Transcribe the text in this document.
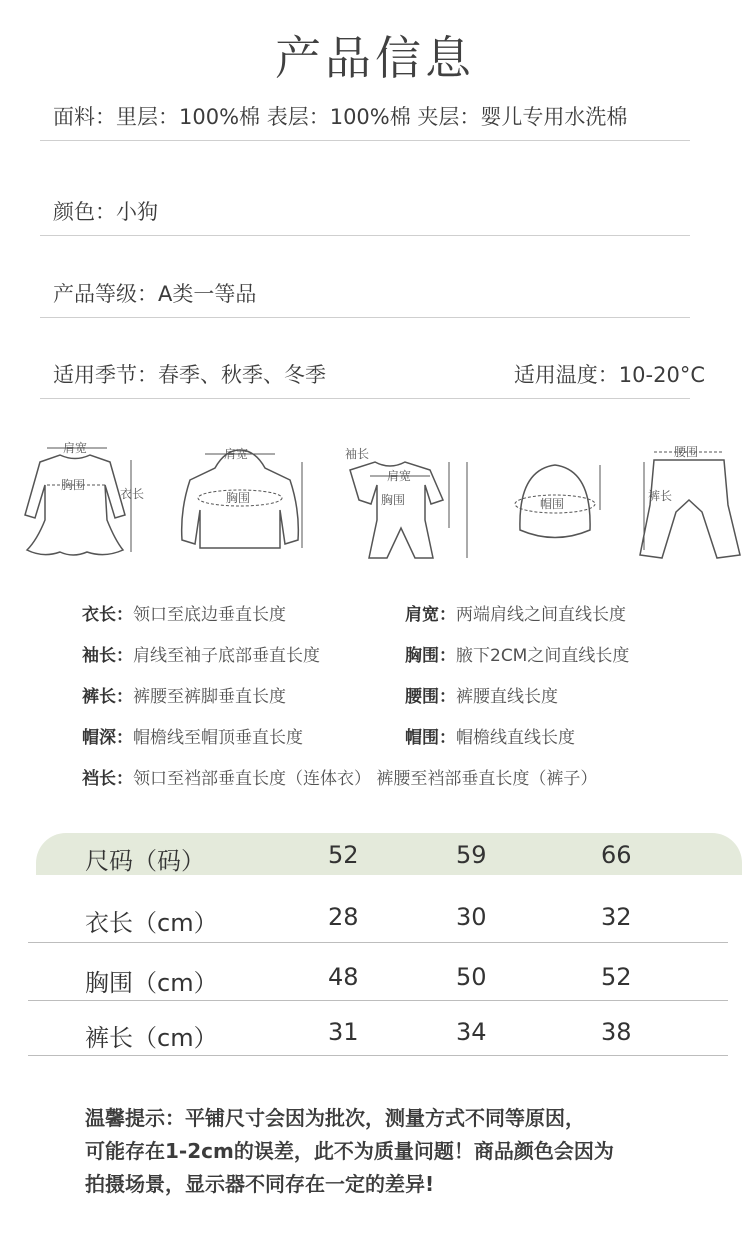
产品信息
面料：里层：100%棉 表层：100%棉 夹层：婴儿专用水洗棉
颜色：小狗
产品等级：A类一等品
适用季节：春季、秋季、冬季	适用温度：10-20°C
肩宽
胸围
衣长
肩宽
胸围
肩宽
胸围
袖长
帽围
腰围
裤长
衣长：领口至底边垂直长度	肩宽：两端肩线之间直线长度
袖长：肩线至袖子底部垂直长度	胸围：腋下2CM之间直线长度
裤长：裤腰至裤脚垂直长度	腰围：裤腰直线长度
帽深：帽檐线至帽顶垂直长度	帽围：帽檐线直线长度
裆长：领口至裆部垂直长度（连体衣） 裤腰至裆部垂直长度（裤子）
尺码（码）	52	59	66
衣长（cm）	28	30	32
胸围（cm）	48	50	52
裤长（cm）	31	34	38
温馨提示：平铺尺寸会因为批次，测量方式不同等原因，
可能存在1-2cm的误差，此不为质量问题！商品颜色会因为
拍摄场景，显示器不同存在一定的差异!
